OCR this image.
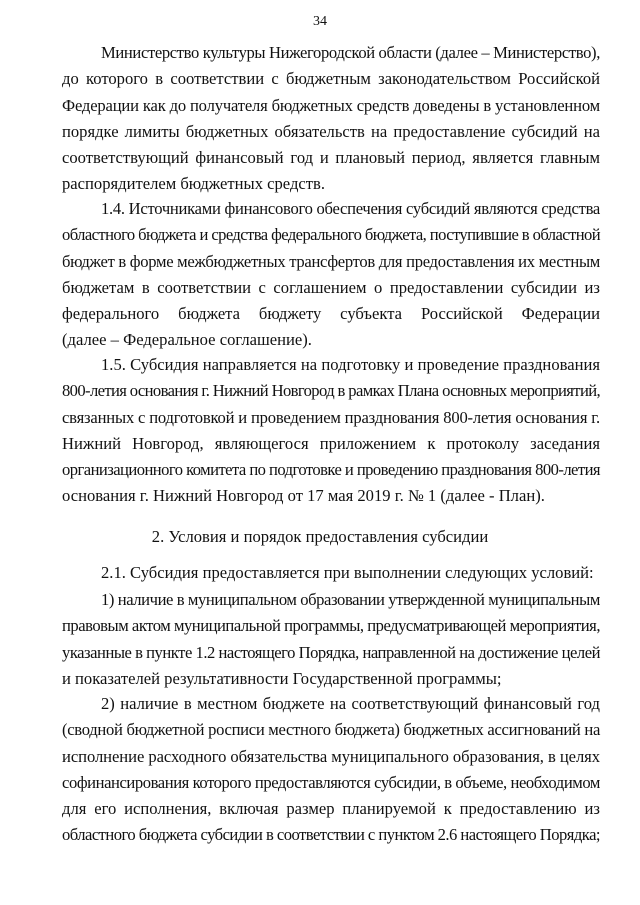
34
Министерство культуры Нижегородской области (далее – Министерство),
до которого в соответствии с бюджетным законодательством Российской
Федерации как до получателя бюджетных средств доведены в установленном
порядке лимиты бюджетных обязательств на предоставление субсидий на
соответствующий финансовый год и плановый период, является главным
распорядителем бюджетных средств.
1.4. Источниками финансового обеспечения субсидий являются средства
областного бюджета и средства федерального бюджета, поступившие в областной
бюджет в форме межбюджетных трансфертов для предоставления их местным
бюджетам в соответствии с соглашением о предоставлении субсидии из
федерального бюджета бюджету субъекта Российской Федерации
(далее – Федеральное соглашение).
1.5. Субсидия направляется на подготовку и проведение празднования
800-летия основания г. Нижний Новгород в рамках Плана основных мероприятий,
связанных с подготовкой и проведением празднования 800-летия основания г.
Нижний Новгород, являющегося приложением к протоколу заседания
организационного комитета по подготовке и проведению празднования 800-летия
основания г. Нижний Новгород от 17 мая 2019 г. № 1 (далее - План).
2. Условия и порядок предоставления субсидии
2.1. Субсидия предоставляется при выполнении следующих условий:
1) наличие в муниципальном образовании утвержденной муниципальным
правовым актом муниципальной программы, предусматривающей мероприятия,
указанные в пункте 1.2 настоящего Порядка, направленной на достижение целей
и показателей результативности Государственной программы;
2) наличие в местном бюджете на соответствующий финансовый год
(сводной бюджетной росписи местного бюджета) бюджетных ассигнований на
исполнение расходного обязательства муниципального образования, в целях
софинансирования которого предоставляются субсидии, в объеме, необходимом
для его исполнения, включая размер планируемой к предоставлению из
областного бюджета субсидии в соответствии с пунктом 2.6 настоящего Порядка;
